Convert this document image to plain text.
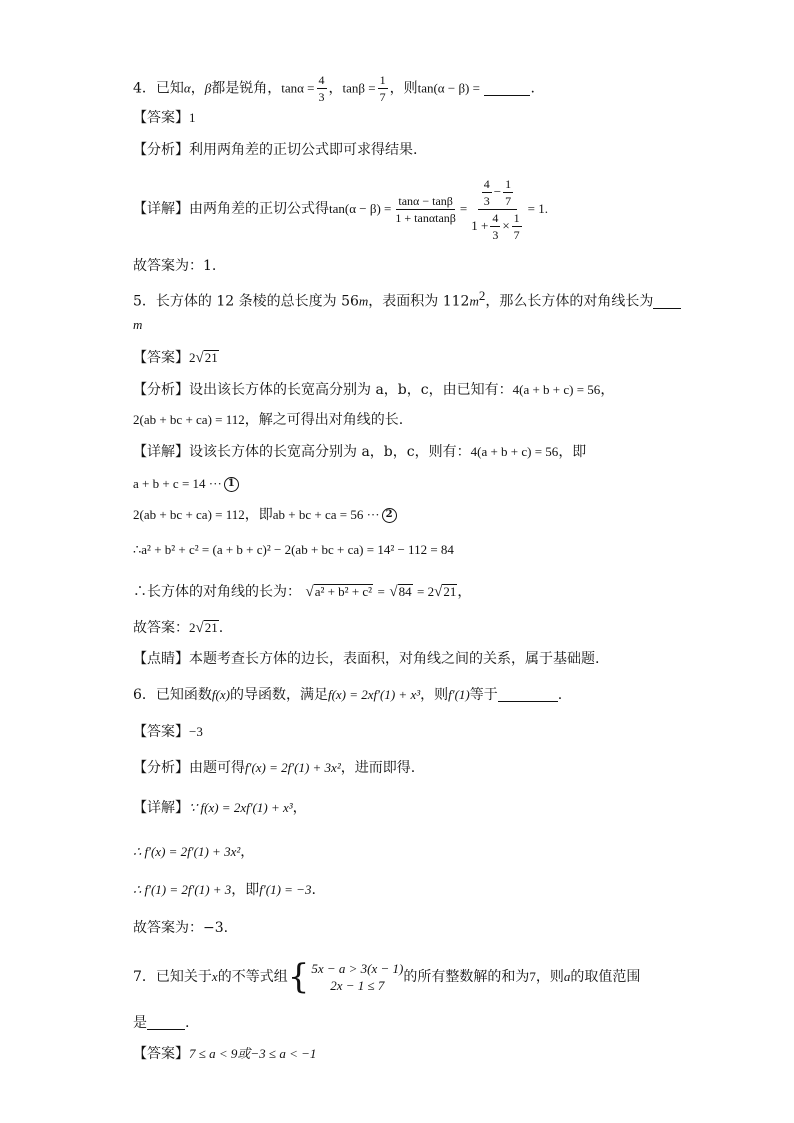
4．已知α，β都是锐角，$\tan\alpha = \frac{4}{3}$ ，$\tan\beta = \frac{1}{7}$ ，则tan(α − β) =	.
【答案】1
【分析】利用两角差的正切公式即可求得结果.
【详解】 由两角差的正切公式得 $\tan(\alpha - \beta) = \frac{\tan\alpha - \tan\beta}{1 + \tan\alpha\tan\beta} = \frac{\frac{4}{3} - \frac{1}{7}}{1 + \frac{4}{3} \times \frac{1}{7}} = 1$.
故答案为：1.
5．长方体的 12 条棱的总长度为 56m，表面积为 $112m^2$，那么长方体的对角线长为
m
【答案】2√21
【分析】设出该长方体的长宽高分别为 a，b，c，由已知有：4(a + b + c) = 56，
2(ab + bc + ca) = 112，解之可得出对角线的长.
【详解】设该长方体的长宽高分别为 a，b，c，则有：4(a + b + c) = 56，即
a + b + c = 14 ··· 1
2(ab + bc + ca) = 112，即ab + bc + ca = 56 ··· 2
∴a² + b² + c² = (a + b + c)² − 2(ab + bc + ca) = 14² − 112 = 84
∴长方体的对角线的长为： √a² + b² + c² = √84 = 2√21，
故答案：2√21.
【点睛】本题考查长方体的边长，表面积，对角线之间的关系，属于基础题.
6．已知函数f(x)的导函数，满足f(x) = 2xf′(1) + x³，则f′(1)等于	.
【答案】−3
【分析】由题可得f′(x) = 2f′(1) + 3x²，进而即得.
【详解】∵ f(x) = 2xf′(1) + x³，
∴ f′(x) = 2f′(1) + 3x²，
∴ f′(1) = 2f′(1) + 3，即f′(1) = −3.
故答案为：−3.
7．已知关于 x 的不等式组 { 5x − a > 3(x − 1)
2x − 1 ≤ 7
的所有整数解的和为 7 ，则 a 的取值范围
是	.
【答案】7 ≤ a < 9或−3 ≤ a < −1
